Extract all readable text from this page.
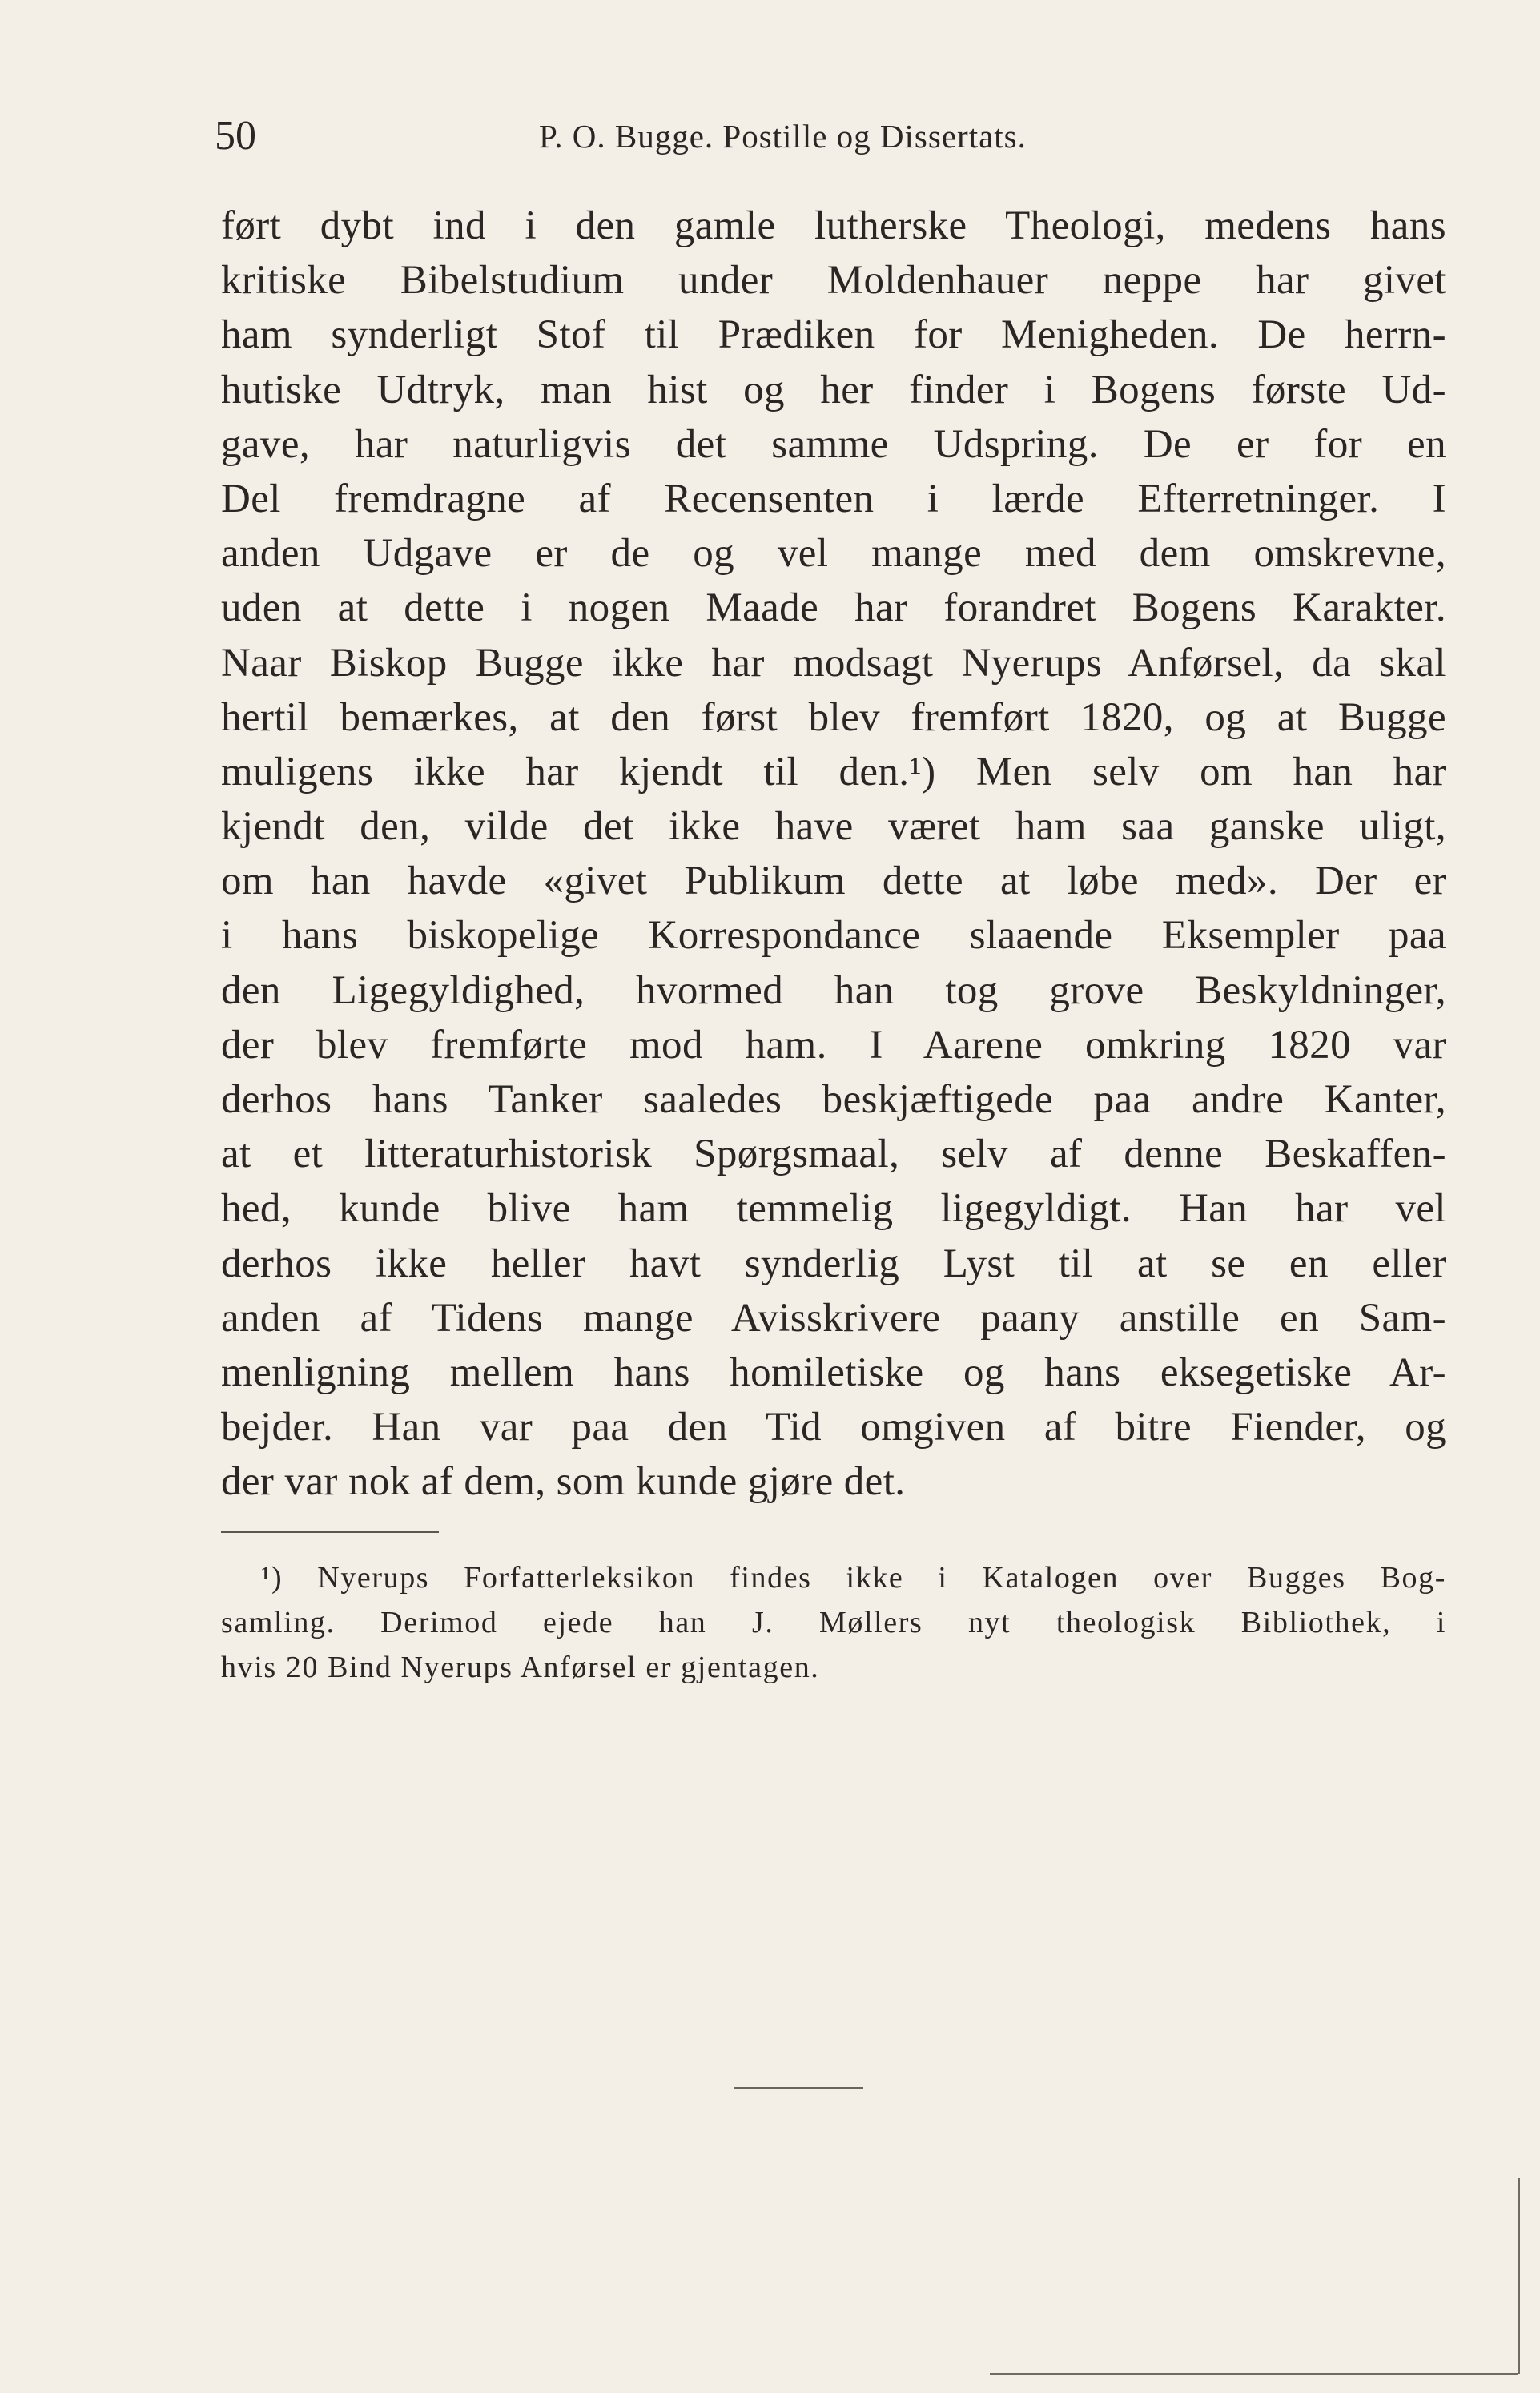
50	P. O. Bugge. Postille og Dissertats.
ført dybt ind i den gamle lutherske Theologi, medens hans
kritiske Bibelstudium under Moldenhauer neppe har givet
ham synderligt Stof til Prædiken for Menigheden. De herrn-
hutiske Udtryk, man hist og her finder i Bogens første Ud-
gave, har naturligvis det samme Udspring. De er for en
Del fremdragne af Recensenten i lærde Efterretninger. I
anden Udgave er de og vel mange med dem omskrevne,
uden at dette i nogen Maade har forandret Bogens Karakter.
Naar Biskop Bugge ikke har modsagt Nyerups Anførsel, da skal
hertil bemærkes, at den først blev fremført 1820, og at Bugge
muligens ikke har kjendt til den.¹) Men selv om han har
kjendt den, vilde det ikke have været ham saa ganske uligt,
om han havde «givet Publikum dette at løbe med». Der er
i hans biskopelige Korrespondance slaaende Eksempler paa
den Ligegyldighed, hvormed han tog grove Beskyldninger,
der blev fremførte mod ham. I Aarene omkring 1820 var
derhos hans Tanker saaledes beskjæftigede paa andre Kanter,
at et litteraturhistorisk Spørgsmaal, selv af denne Beskaffen-
hed, kunde blive ham temmelig ligegyldigt. Han har vel
derhos ikke heller havt synderlig Lyst til at se en eller
anden af Tidens mange Avisskrivere paany anstille en Sam-
menligning mellem hans homiletiske og hans eksegetiske Ar-
bejder. Han var paa den Tid omgiven af bitre Fiender, og
der var nok af dem, som kunde gjøre det.
¹) Nyerups Forfatterleksikon findes ikke i Katalogen over Bugges Bog-
samling. Derimod ejede han J. Møllers nyt theologisk Bibliothek, i
hvis 20 Bind Nyerups Anførsel er gjentagen.
